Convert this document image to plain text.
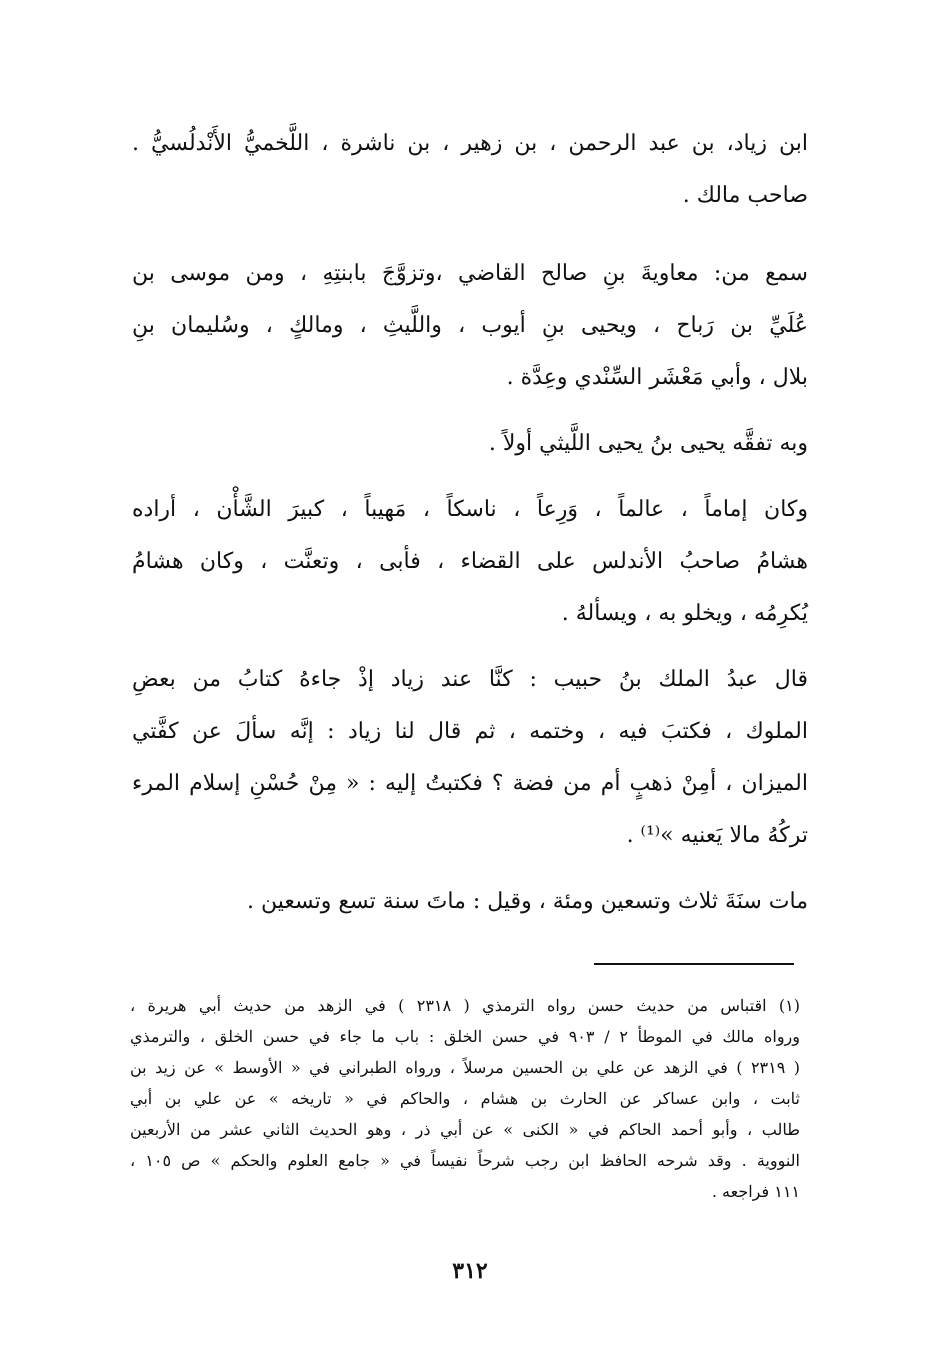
ابن زياد، بن عبد الرحمن ، بن زهير ، بن ناشرة ، اللَّخميُّ الأَنْدلُسيُّ .
صاحب مالك .
سمع من: معاويةَ بنِ صالح القاضي ،وتزوَّجَ بابنتِهِ ، ومن موسى بن
عُلَيِّ بن رَباح ، ويحيى بنِ أيوب ، واللَّيثِ ، ومالكٍ ، وسُليمان بنِ
بلال ، وأبي مَعْشَر السِّنْدي وعِدَّة .
وبه تفقَّه يحيى بنُ يحيى اللَّيثي أولاً .
وكان إماماً ، عالماً ، وَرِعاً ، ناسكاً ، مَهيباً ، كبيرَ الشَّأْن ، أراده
هشامُ صاحبُ الأندلس على القضاء ، فأبى ، وتعنَّت ، وكان هشامُ
يُكرِمُه ، ويخلو به ، ويسألهُ .
قال عبدُ الملك بنُ حبيب : كنَّا عند زياد إذْ جاءهُ كتابُ من بعضِ
الملوك ، فكتبَ فيه ، وختمه ، ثم قال لنا زياد : إنَّه سألَ عن كفَّتي
الميزان ، أمِنْ ذهبٍ أم من فضة ؟ فكتبتُ إليه : « مِنْ حُسْنِ إسلام المرء
تركُهُ مالا يَعنيه »⁽¹⁾ .
مات سنَةَ ثلاث وتسعين ومئة ، وقيل : ماتَ سنة تسع وتسعين .
(١) اقتباس من حديث حسن رواه الترمذي ( ٢٣١٨ ) في الزهد من حديث أبي هريرة ،
ورواه مالك في الموطأ ٢ / ٩٠٣ في حسن الخلق : باب ما جاء في حسن الخلق ، والترمذي
( ٢٣١٩ ) في الزهد عن علي بن الحسين مرسلاً ، ورواه الطبراني في « الأوسط » عن زيد بن
ثابت ، وابن عساكر عن الحارث بن هشام ، والحاكم في « تاريخه » عن علي بن أبي
طالب ، وأبو أحمد الحاكم في « الكنى » عن أبي ذر ، وهو الحديث الثاني عشر من الأربعين
النووية . وقد شرحه الحافظ ابن رجب شرحاً نفيساً في « جامع العلوم والحكم » ص ١٠٥ ،
١١١ فراجعه .
٣١٢
